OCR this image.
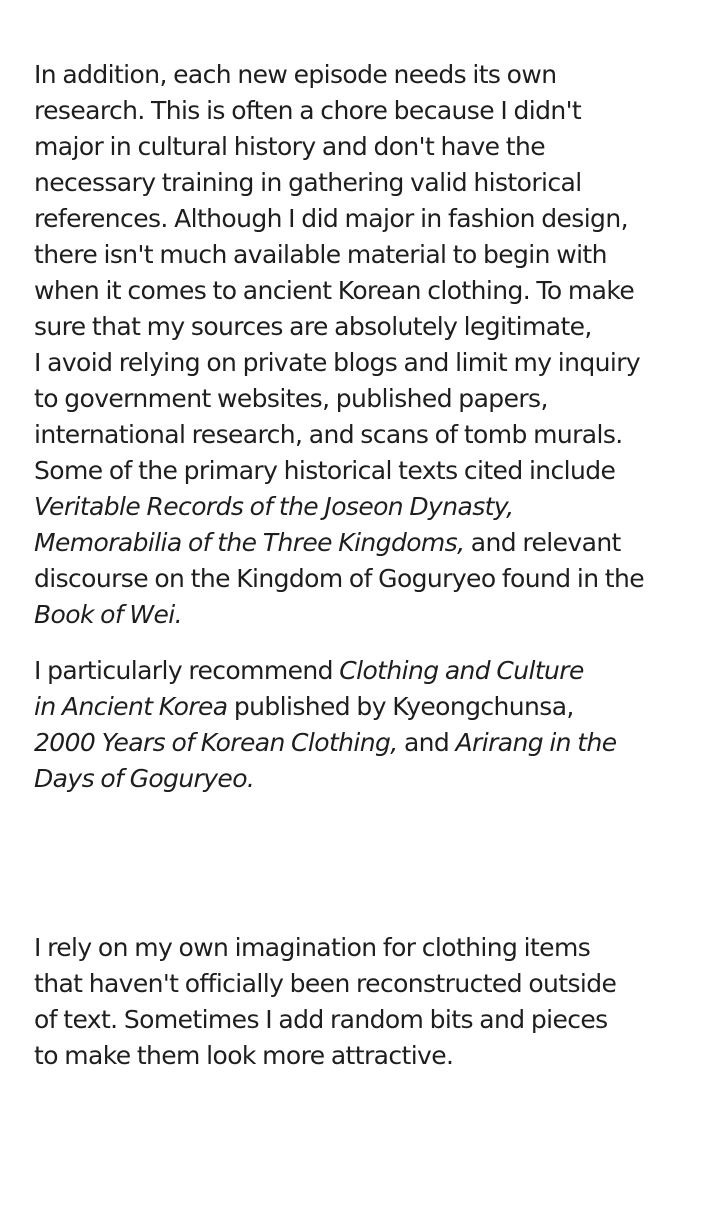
In addition, each new episode needs its own
research. This is often a chore because I didn't
major in cultural history and don't have the
necessary training in gathering valid historical
references. Although I did major in fashion design,
there isn't much available material to begin with
when it comes to ancient Korean clothing. To make
sure that my sources are absolutely legitimate,
I avoid relying on private blogs and limit my inquiry
to government websites, published papers,
international research, and scans of tomb murals.
Some of the primary historical texts cited include
Veritable Records of the Joseon Dynasty,
Memorabilia of the Three Kingdoms, and relevant
discourse on the Kingdom of Goguryeo found in the
Book of Wei.
I particularly recommend Clothing and Culture
in Ancient Korea published by Kyeongchunsa,
2000 Years of Korean Clothing, and Arirang in the
Days of Goguryeo.
I rely on my own imagination for clothing items
that haven't officially been reconstructed outside
of text. Sometimes I add random bits and pieces
to make them look more attractive.
